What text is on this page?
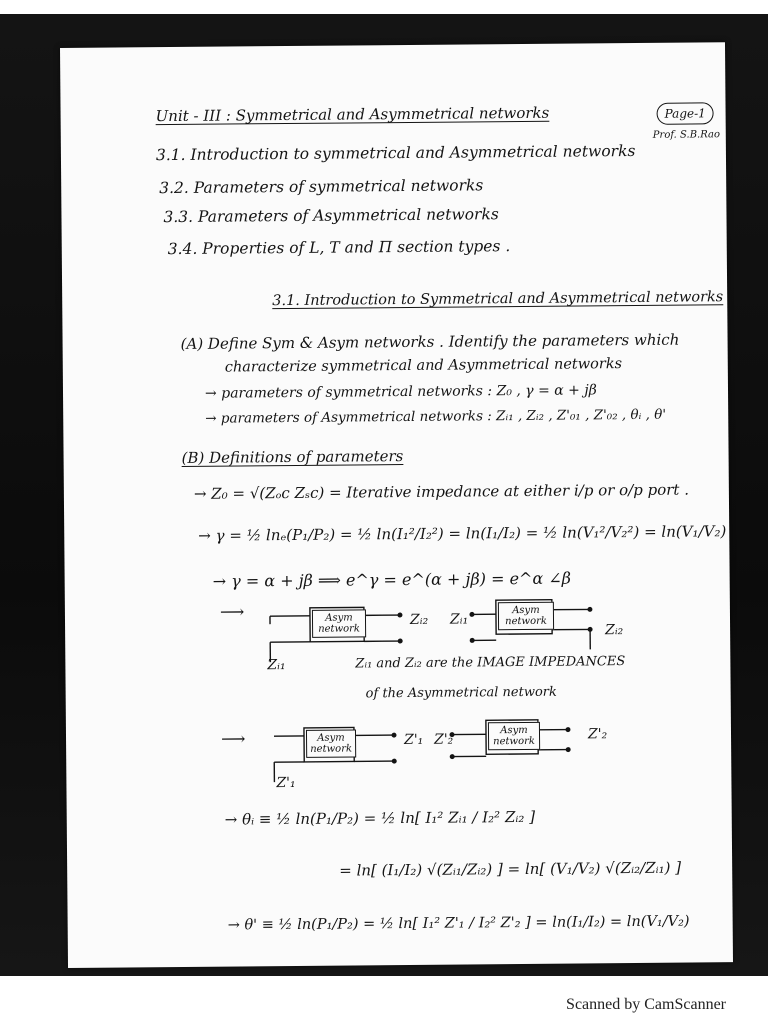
Unit - III : Symmetrical and Asymmetrical networks	Page-1
Prof. S.B.Rao
3.1. Introduction to symmetrical and Asymmetrical networks
3.2. Parameters of symmetrical networks
3.3. Parameters of Asymmetrical networks
3.4. Properties of L, T and Π section types .
3.1. Introduction to Symmetrical and Asymmetrical networks
(A) Define Sym & Asym networks . Identify the parameters which
characterize symmetrical and Asymmetrical networks
→ parameters of symmetrical networks : Z₀ , γ = α + jβ
→ parameters of Asymmetrical networks : Zᵢ₁ , Zᵢ₂ , Z'₀₁ , Z'₀₂ , θᵢ , θ'
(B) Definitions of parameters
→ Z₀ = √(Zₒc Zₛc) = Iterative impedance at either i/p or o/p port .
→ γ = ½ lnₑ(P₁/P₂) = ½ ln(I₁²/I₂²) = ln(I₁/I₂) = ½ ln(V₁²/V₂²) = ln(V₁/V₂)
→ γ = α + jβ ⟹ e^γ = e^(α + jβ) = e^α ∠β
⟶	Asym network
Asym network
Zᵢ₂ Zᵢ₁
Zᵢ₂
Zᵢ₁	Zᵢ₁ and Zᵢ₂ are the IMAGE IMPEDANCES
of the Asymmetrical network
⟶	Asym network
Asym network
Z'₁ Z'₂	Z'₂
Z'₁
→ θᵢ ≡ ½ ln(P₁/P₂) = ½ ln[ I₁² Zᵢ₁ / I₂² Zᵢ₂ ]
= ln[ (I₁/I₂) √(Zᵢ₁/Zᵢ₂) ] = ln[ (V₁/V₂) √(Zᵢ₂/Zᵢ₁) ]
→ θ' ≡ ½ ln(P₁/P₂) = ½ ln[ I₁² Z'₁ / I₂² Z'₂ ] = ln(I₁/I₂) = ln(V₁/V₂)
Scanned by CamScanner
